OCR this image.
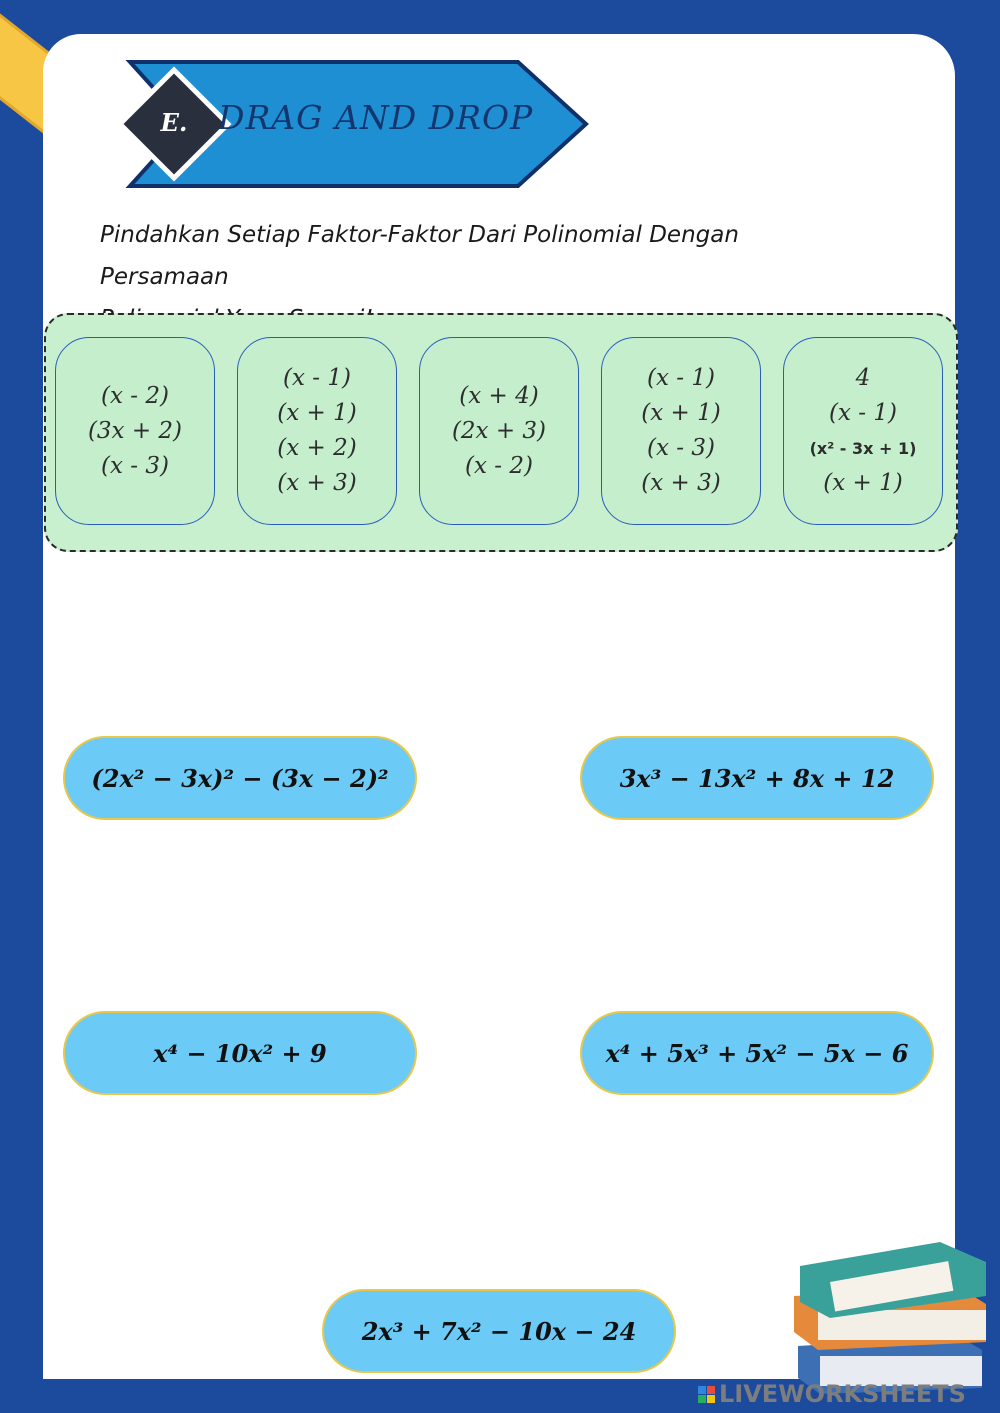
E. DRAG AND DROP
Pindahkan Setiap Faktor-Faktor Dari Polinomial Dengan Persamaan
(x - 2)
(3x + 2)
(x - 3)
(x - 1)
(x + 1)
(x + 2)
(x + 3)
(x + 4)
(2x + 3)
(x - 2)
(x - 1)
(x + 1)
(x - 3)
(x + 3)
4
(x - 1)
(x² - 3x + 1)
(x + 1)
(2x² − 3x)² − (3x − 2)²	3x³ − 13x² + 8x + 12
x⁴ − 10x² + 9	x⁴ + 5x³ + 5x² − 5x − 6
2x³ + 7x² − 10x − 24
LIVEWORKSHEETS
